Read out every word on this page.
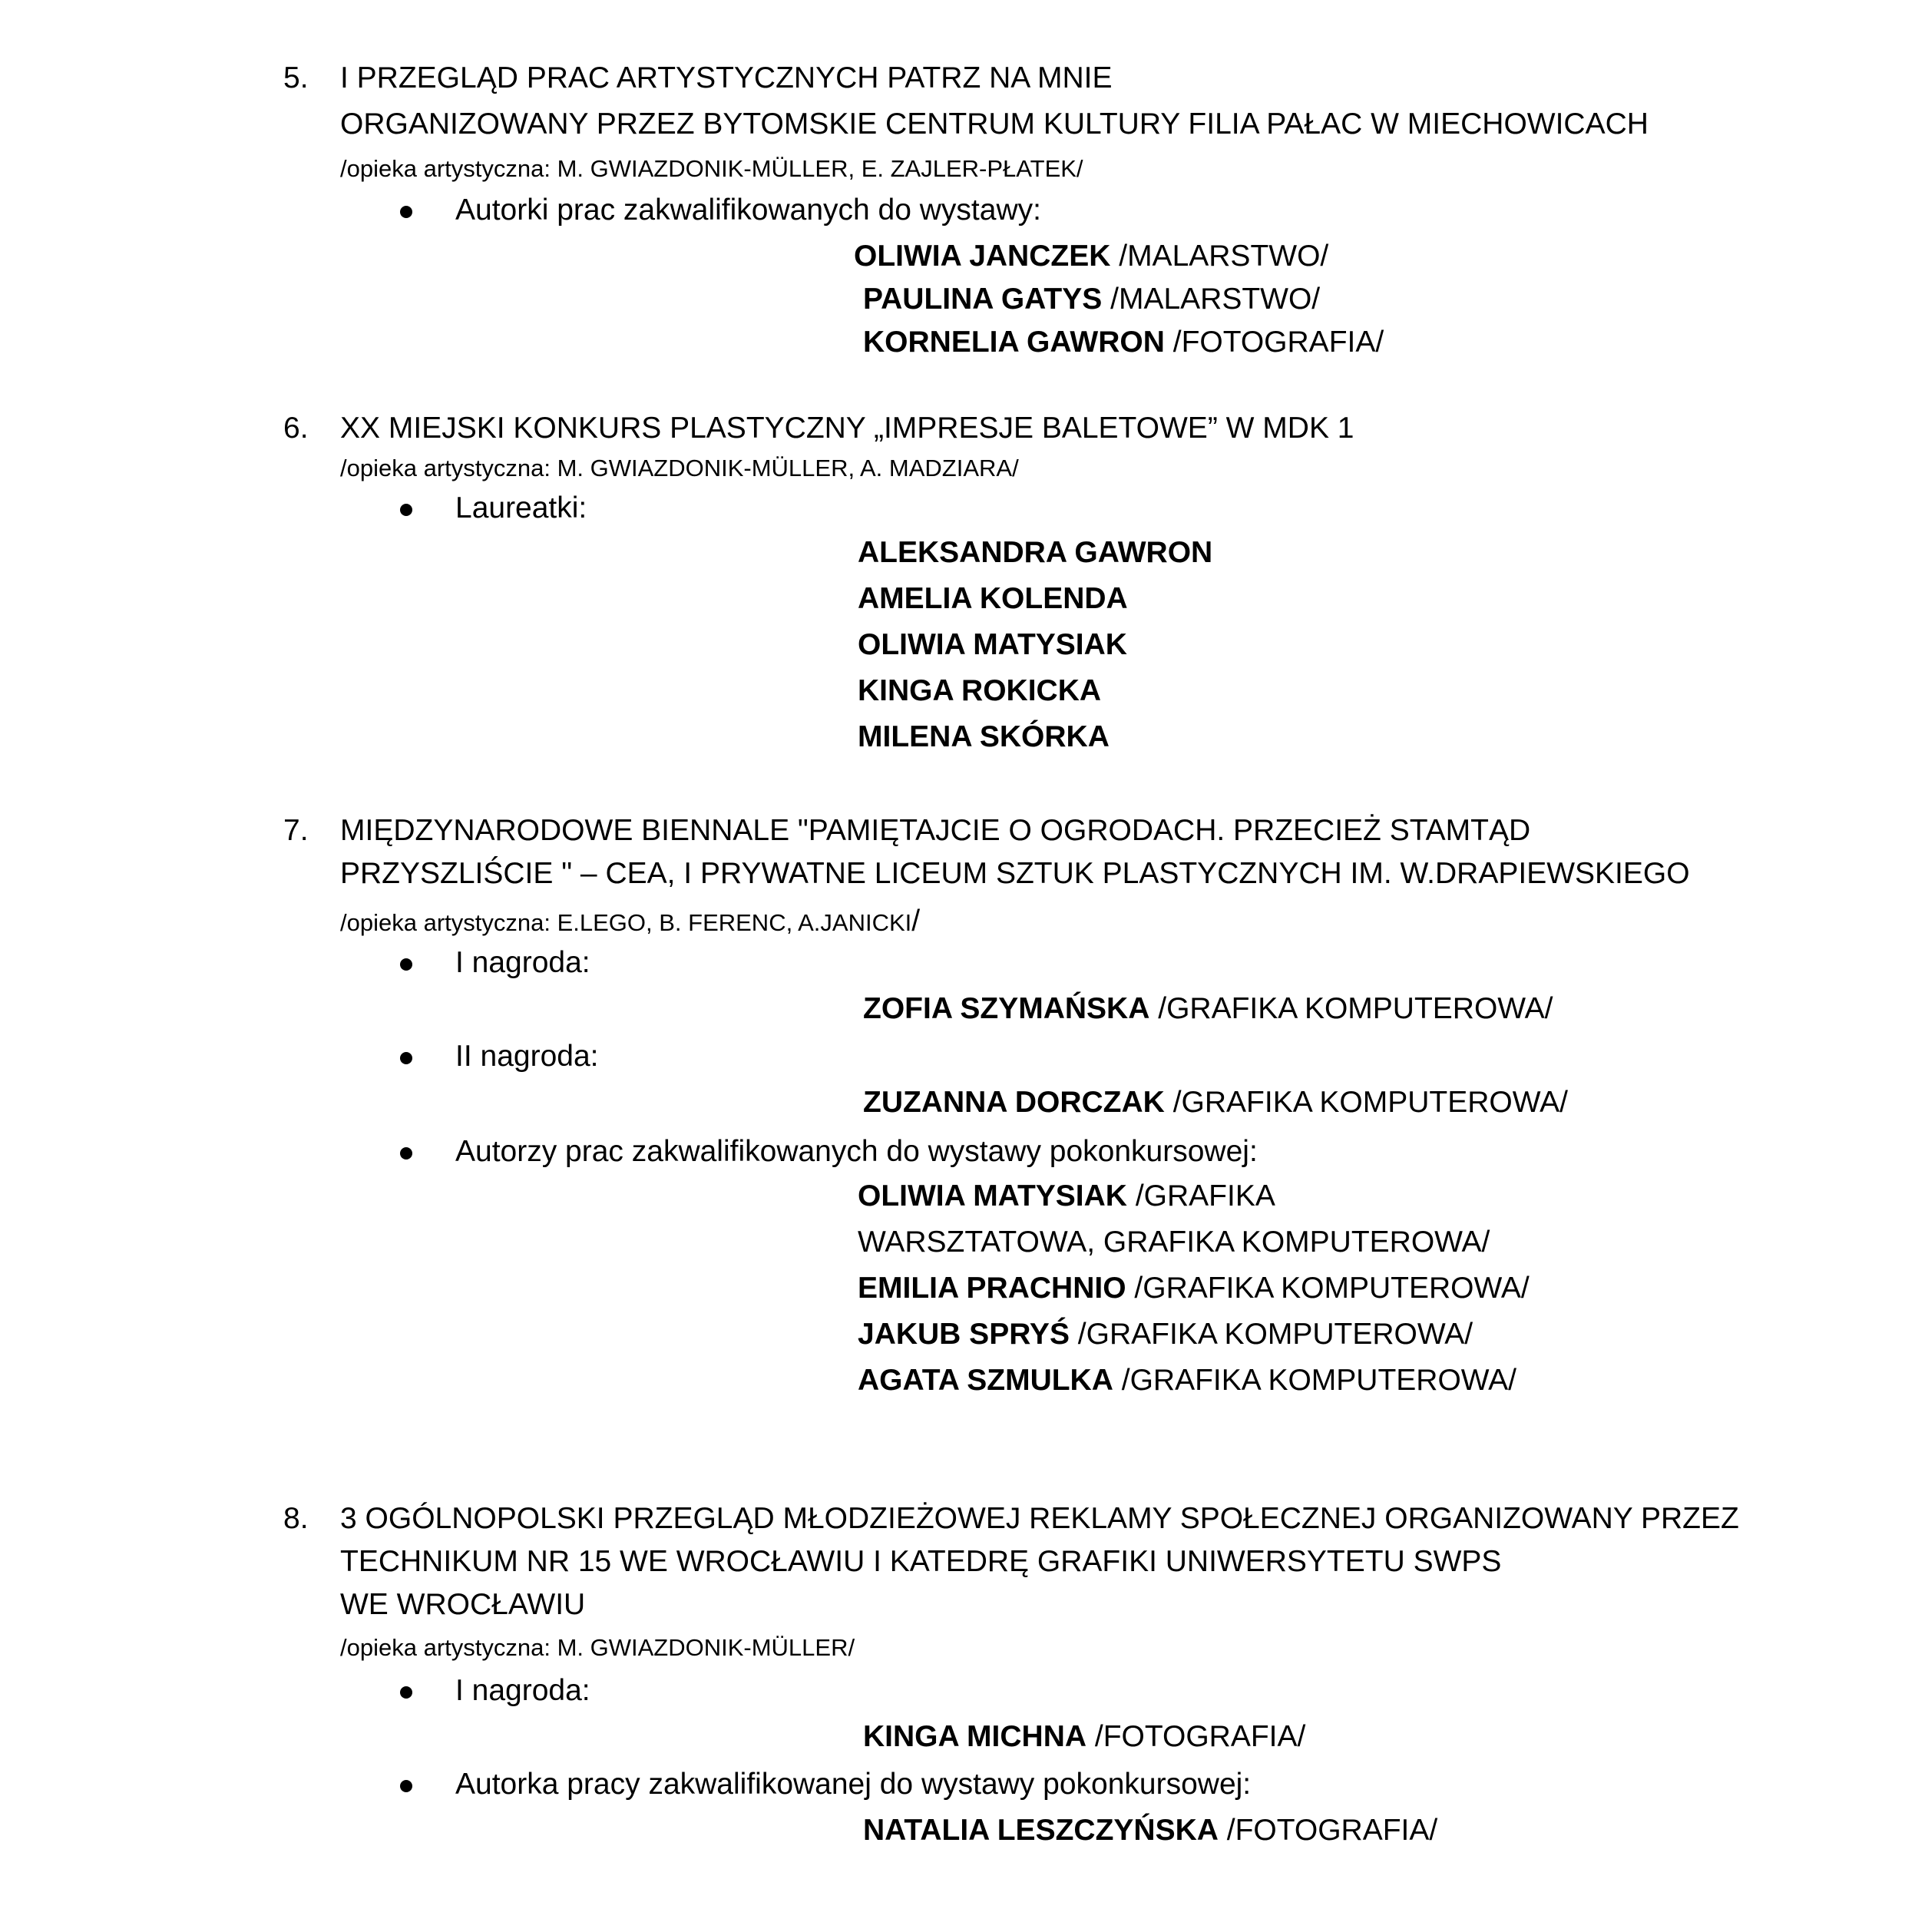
5. I PRZEGLĄD PRAC ARTYSTYCZNYCH PATRZ NA MNIE
ORGANIZOWANY PRZEZ BYTOMSKIE CENTRUM KULTURY FILIA PAŁAC W MIECHOWICACH
/opieka artystyczna: M. GWIAZDONIK-MÜLLER, E. ZAJLER-PŁATEK/
Autorki prac zakwalifikowanych do wystawy:
OLIWIA JANCZEK /MALARSTWO/
PAULINA GATYS /MALARSTWO/
KORNELIA GAWRON /FOTOGRAFIA/
6. XX MIEJSKI KONKURS PLASTYCZNY „IMPRESJE BALETOWE” W MDK 1
/opieka artystyczna: M. GWIAZDONIK-MÜLLER, A. MADZIARA/
Laureatki:
ALEKSANDRA GAWRON
AMELIA KOLENDA
OLIWIA MATYSIAK
KINGA ROKICKA
MILENA SKÓRKA
7. MIĘDZYNARODOWE BIENNALE "PAMIĘTAJCIE O OGRODACH. PRZECIEŻ STAMTĄD
PRZYSZLIŚCIE " – CEA, I PRYWATNE LICEUM SZTUK PLASTYCZNYCH IM. W.DRAPIEWSKIEGO
/opieka artystyczna: E.LEGO, B. FERENC, A.JANICKI/
I nagroda:
ZOFIA SZYMAŃSKA /GRAFIKA KOMPUTEROWA/
II nagroda:
ZUZANNA DORCZAK /GRAFIKA KOMPUTEROWA/
Autorzy prac zakwalifikowanych do wystawy pokonkursowej:
OLIWIA MATYSIAK /GRAFIKA
WARSZTATOWA, GRAFIKA KOMPUTEROWA/
EMILIA PRACHNIO /GRAFIKA KOMPUTEROWA/
JAKUB SPRYŚ /GRAFIKA KOMPUTEROWA/
AGATA SZMULKA /GRAFIKA KOMPUTEROWA/
8. 3 OGÓLNOPOLSKI PRZEGLĄD MŁODZIEŻOWEJ REKLAMY SPOŁECZNEJ ORGANIZOWANY PRZEZ
TECHNIKUM NR 15 WE WROCŁAWIU I KATEDRĘ GRAFIKI UNIWERSYTETU SWPS
WE WROCŁAWIU
/opieka artystyczna: M. GWIAZDONIK-MÜLLER/
I nagroda:
KINGA MICHNA /FOTOGRAFIA/
Autorka pracy zakwalifikowanej do wystawy pokonkursowej:
NATALIA LESZCZYŃSKA /FOTOGRAFIA/
